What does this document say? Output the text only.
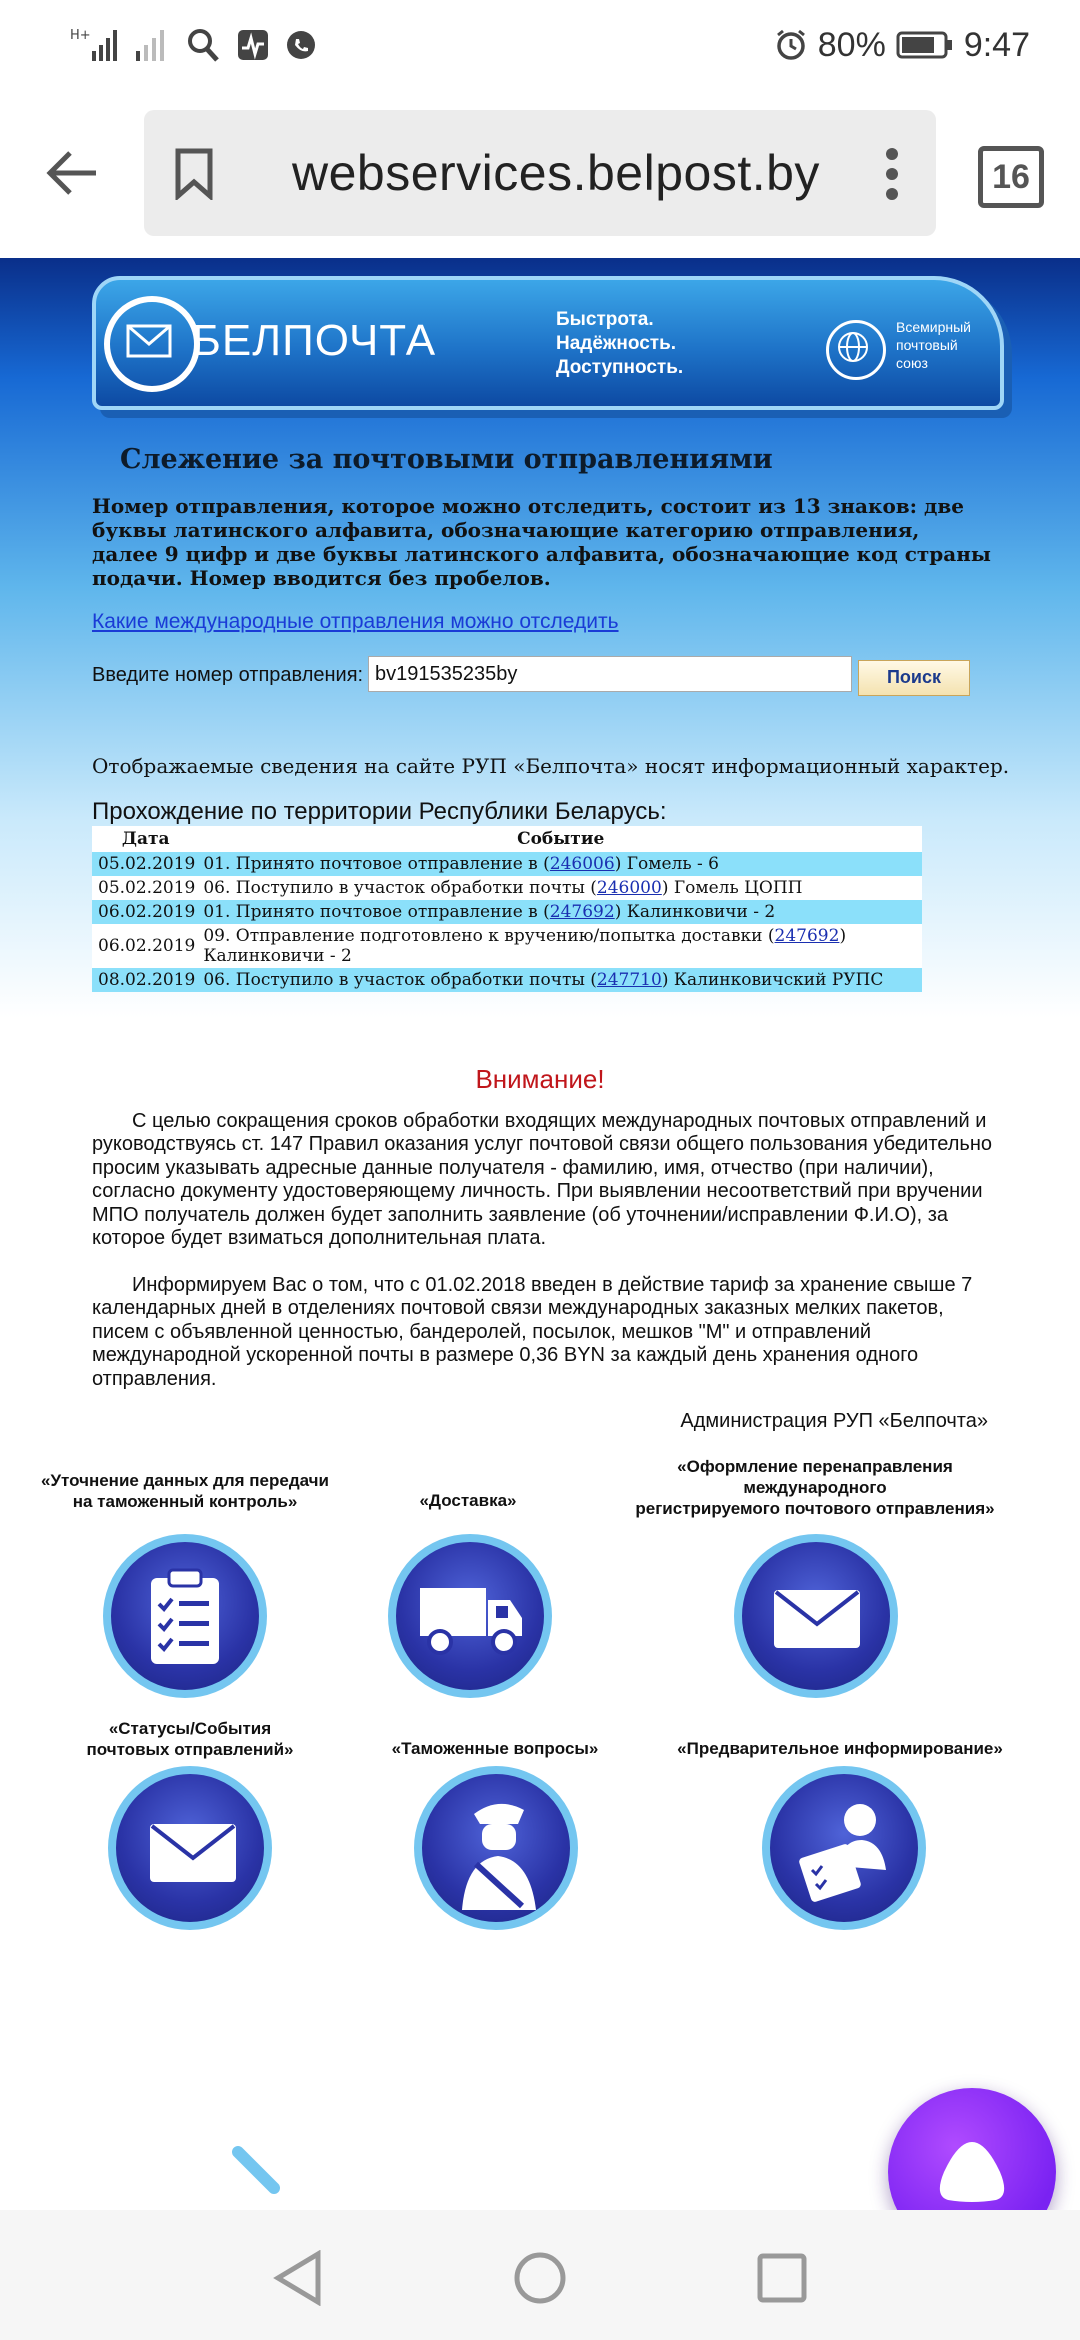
H+	80% 9:47
webservices.belpost.by	16
БЕЛПОЧТА	Быстрота.
Надёжность.
Доступность.
Всемирный
почтовый
союз
Слежение за почтовыми отправлениями
Номер отправления, которое можно отследить, состоит из 13 знаков: две буквы латинского алфавита, обозначающие категорию отправления, далее 9 цифр и две буквы латинского алфавита, обозначающие код страны подачи. Номер вводится без пробелов.
Какие международные отправления можно отследить
Введите номер отправления: bv191535235by	Поиск
Отображаемые сведения на сайте РУП «Белпочта» носят информационный характер.
Прохождение по территории Республики Беларусь:
Дата	Событие
05.02.2019	01. Принято почтовое отправление в (246006) Гомель - 6
05.02.2019	06. Поступило в участок обработки почты (246000) Гомель ЦОПП
06.02.2019	01. Принято почтовое отправление в (247692) Калинковичи - 2
06.02.2019	09. Отправление подготовлено к вручению/попытка доставки (247692) Калинковичи - 2
08.02.2019	06. Поступило в участок обработки почты (247710) Калинковичский РУПС
Внимание!
С целью сокращения сроков обработки входящих международных почтовых отправлений и руководствуясь ст. 147 Правил оказания услуг почтовой связи общего пользования убедительно просим указывать адресные данные получателя - фамилию, имя, отчество (при наличии), согласно документу удостоверяющему личность. При выявлении несоответствий при вручении МПО получатель должен будет заполнить заявление (об уточнении/исправлении Ф.И.О), за которое будет взиматься дополнительная плата.
Информируем Вас о том, что с 01.02.2018 введен в действие тариф за хранение свыше 7 календарных дней в отделениях почтовой связи международных заказных мелких пакетов, писем с объявленной ценностью, бандеролей, посылок, мешков "М" и отправлений международной ускоренной почты в размере 0,36 BYN за каждый день хранения одного отправления.
Администрация РУП «Белпочта»
«Уточнение данных для передачи
на таможенный контроль»	«Доставка»
«Оформление перенаправления
международного
регистрируемого почтового отправления»
«Статусы/События
почтовых отправлений»	«Таможенные вопросы»	«Предварительное информирование»
